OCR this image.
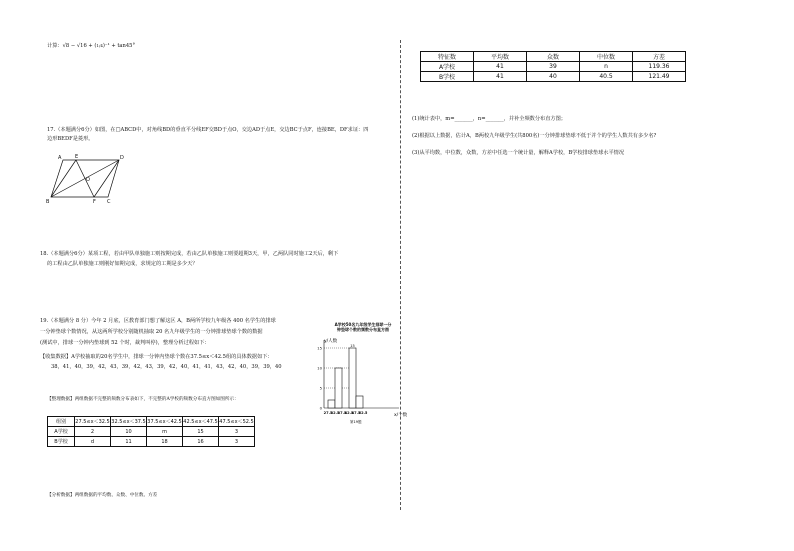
计算：√8 − √16 + (1/4)⁻¹ + tan45°
17.（本题满分6分）如图，在□ABCD中，对角线BD的垂直平分线EF交BD于点O，交边AD于点E，交边BC于点F，连接BE，DF求证：四
边形BEDF是菱形。
A	E	D
O
B	F C
18.（本题满分6分）某项工程，若由甲队单独施工则按期完成，若由乙队单独施工则要超期3天，甲，乙两队同时施工2天后，剩下
的工程由乙队单独施工则刚好如期完成，求规定的工期是多少天？
19.（本题满分 8 分）今年 2 月底，区教育部门想了解这区 A，B两所学校九年级各 400 名学生的排球
一分钟垫球个数情况，从这两所学校分别随机抽取 20 名九年级学生的一分钟排球垫球个数的数据
(测试中，排球一分钟内垫球到 52 个时，裁判叫停)，整理分析过程如下：
【收集数据】A学校抽取的20名学生中，排球一分钟内垫球个数在37.5≤x＜42.5组的具体数据如下：
38，41，40，39，42，43，39，42，43，39，42，40，41，41，43，42，40，39，39，40
【整理数据】两组数据不完整的频数分布表如下，不完整的A学校的频数分布直方图如图所示：
组别	27.5≤x＜32.5	32.5≤x＜37.5	37.5≤x＜42.5	42.5≤x＜47.5	47.5≤x＜52.5
A学校	2	10	m	15	3
B学校	d	11	18	16	3
【分析数据】两组数据的平均数、众数、中位数、方差
A学校50名九年级学生排球一分
钟垫球个数的频数分布直方图
y/人数
x/个数
第19题
15
10
5
0
27.5
32.5
37.5
42.5
47.5
52.5
15
特征数	平均数	众数	中位数	方差
A学校	41	39	n	119.36
B学校	41	40	40.5	121.49
(1)统计表中，m=_______，n=_______，并补全频数分布直方图；
(2)根据以上数据，估计A，B两校九年级学生(共800名)一分钟排球垫球不低于并个的学生人数共有多少名?
(3)从平均数，中位数，众数，方差中任选一个统计量，解释A学校，B学校排球垫球水平情况
